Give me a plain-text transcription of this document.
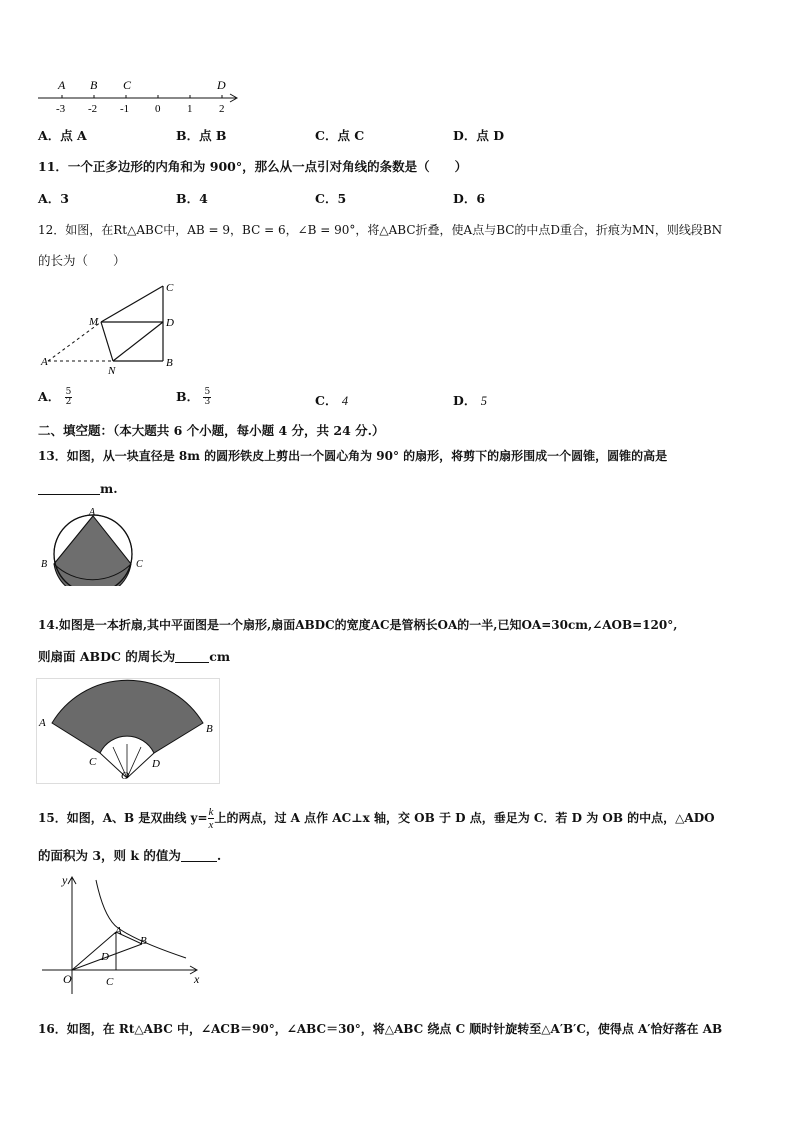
A B C	D
-3 -2 -1 0 1 2
A．点 A	B．点 B	C．点 C	D．点 D
11．一个正多边形的内角和为 900°，那么从一点引对角线的条数是（　　）
A．3	B．4	C．5	D．6
12．如图，在Rt△ABC中，AB = 9，BC = 6，∠B = 90°，将△ABC折叠，使A点与BC的中点D重合，折痕为MN，则线段BN
的长为（　　）
A
M
N
C
D
B
A． $\frac{5}{2}$	B． $\frac{5}{3}$	C． 4	D． 5
二、填空题：（本大题共 6 个小题，每小题 4 分，共 24 分.）
13．如图，从一块直径是 8m 的圆形铁皮上剪出一个圆心角为 90° 的扇形，将剪下的扇形围成一个圆锥，圆锥的高是
m.
A
B	C
14.如图是一本折扇,其中平面图是一个扇形,扇面ABDC的宽度AC是管柄长OA的一半,已知OA=30cm,∠AOB=120°,
则扇面 ABDC 的周长为	cm
A	B
C	D
O
15．如图，A、B 是双曲线 $y= \frac{k}{x}$ 上的两点，过 A 点作 AC⊥x 轴，交 OB 于 D 点，垂足为 C．若 D 为 OB 的中点，△ADO
的面积为 3，则 k 的值为	.
y
x
O
A
B
C
D
16．如图，在 Rt△ABC 中，∠ACB＝90°，∠ABC＝30°，将△ABC 绕点 C 顺时针旋转至△A′B′C，使得点 A′恰好落在 AB
